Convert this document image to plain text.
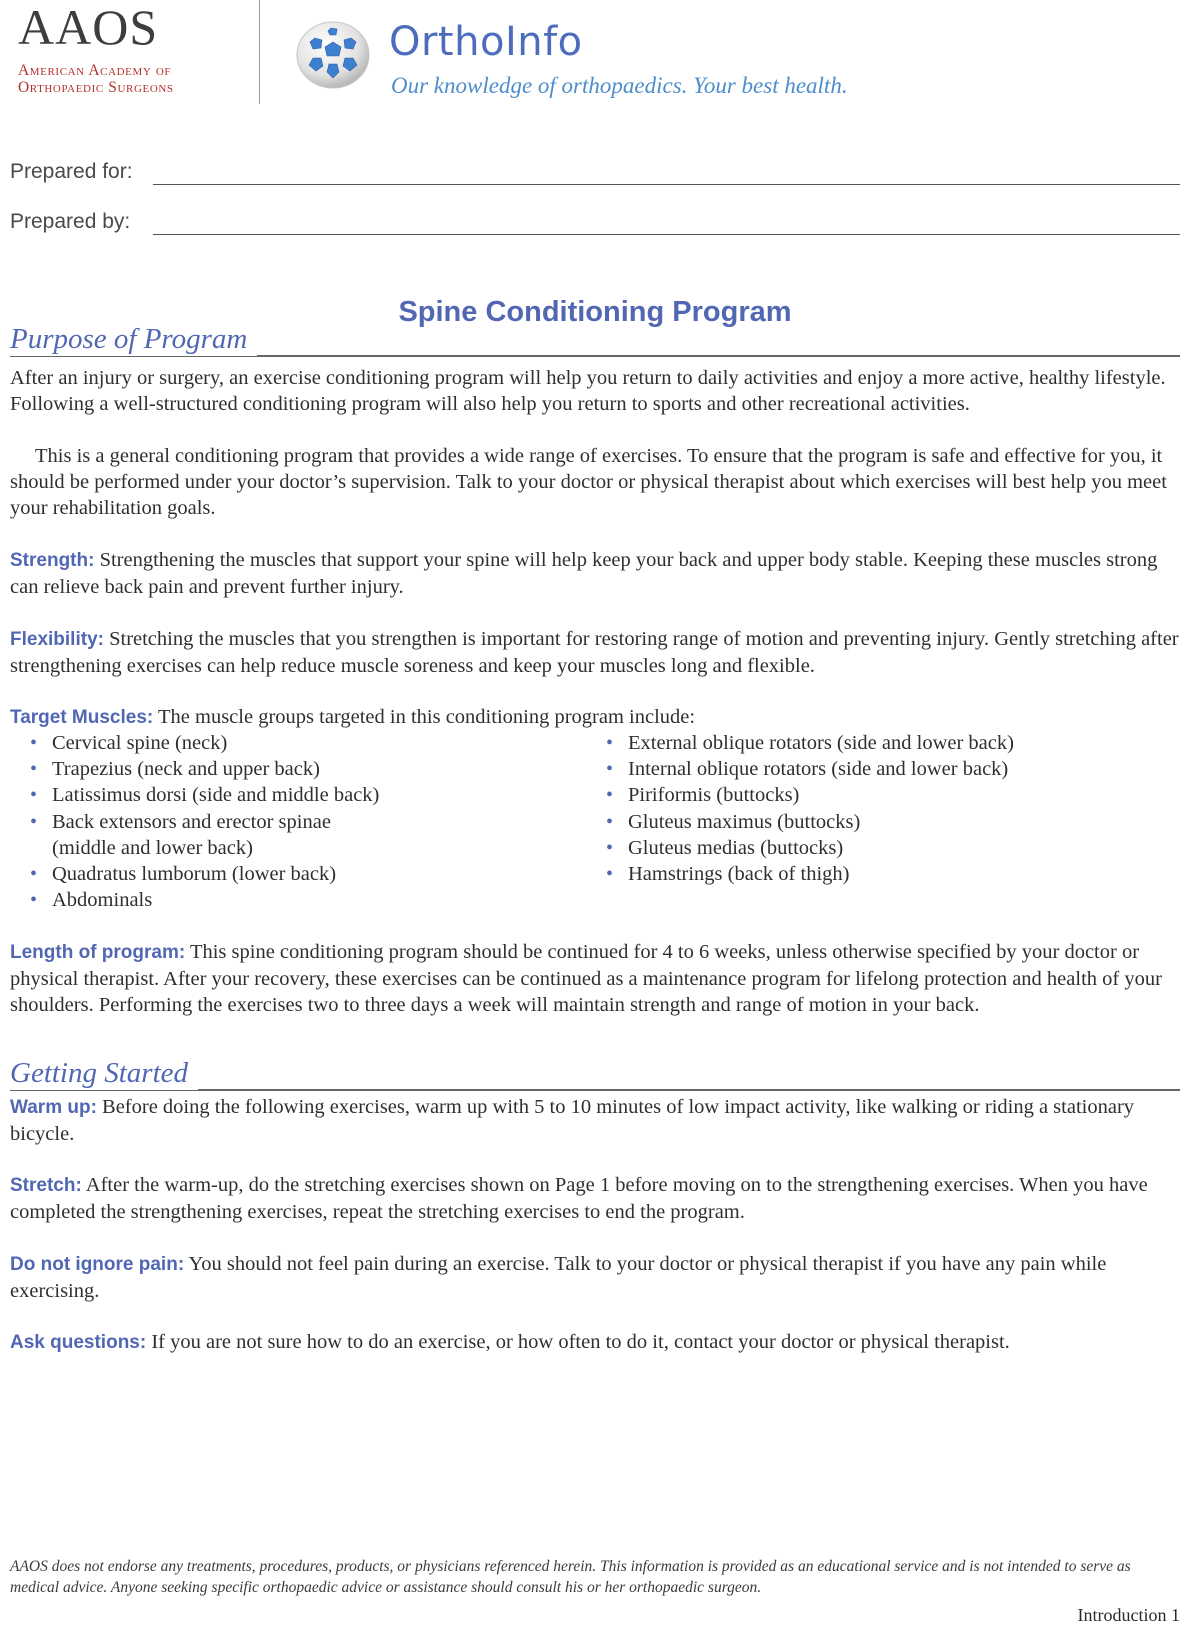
AAOS
American Academy of
Orthopaedic Surgeons
OrthoInfo
Our knowledge of orthopaedics. Your best health.
Prepared for:
Prepared by:
Spine Conditioning Program
Purpose of Program

After an injury or surgery, an exercise conditioning program will help you return to daily activities and enjoy a more active, healthy lifestyle. Following a well-structured conditioning program will also help you return to sports and other recreational activities.

This is a general conditioning program that provides a wide range of exercises. To ensure that the program is safe and effective for you, it should be performed under your doctor’s supervision. Talk to your doctor or physical therapist about which exercises will best help you meet your rehabilitation goals.

Strength: Strengthening the muscles that support your spine will help keep your back and upper body stable. Keeping these muscles strong can relieve back pain and prevent further injury.

Flexibility: Stretching the muscles that you strengthen is important for restoring range of motion and preventing injury. Gently stretching after strengthening exercises can help reduce muscle soreness and keep your muscles long and flexible.

Target Muscles: The muscle groups targeted in this conditioning program include:

• Cervical spine (neck)
• Trapezius (neck and upper back)
• Latissimus dorsi (side and middle back)
• Back extensors and erector spinae (middle and lower back)
• Quadratus lumborum (lower back)
• Abdominals
• External oblique rotators (side and lower back)
• Internal oblique rotators (side and lower back)
• Piriformis (buttocks)
• Gluteus maximus (buttocks)
• Gluteus medias (buttocks)
• Hamstrings (back of thigh)

Length of program: This spine conditioning program should be continued for 4 to 6 weeks, unless otherwise specified by your doctor or physical therapist. After your recovery, these exercises can be continued as a maintenance program for lifelong protection and health of your shoulders. Performing the exercises two to three days a week will maintain strength and range of motion in your back.

Getting Started

Warm up: Before doing the following exercises, warm up with 5 to 10 minutes of low impact activity, like walking or riding a stationary bicycle.

Stretch: After the warm-up, do the stretching exercises shown on Page 1 before moving on to the strengthening exercises. When you have completed the strengthening exercises, repeat the stretching exercises to end the program.

Do not ignore pain: You should not feel pain during an exercise. Talk to your doctor or physical therapist if you have any pain while exercising.

Ask questions: If you are not sure how to do an exercise, or how often to do it, contact your doctor or physical therapist.

AAOS does not endorse any treatments, procedures, products, or physicians referenced herein. This information is provided as an educational service and is not intended to serve as medical advice. Anyone seeking specific orthopaedic advice or assistance should consult his or her orthopaedic surgeon.

Introduction 1
